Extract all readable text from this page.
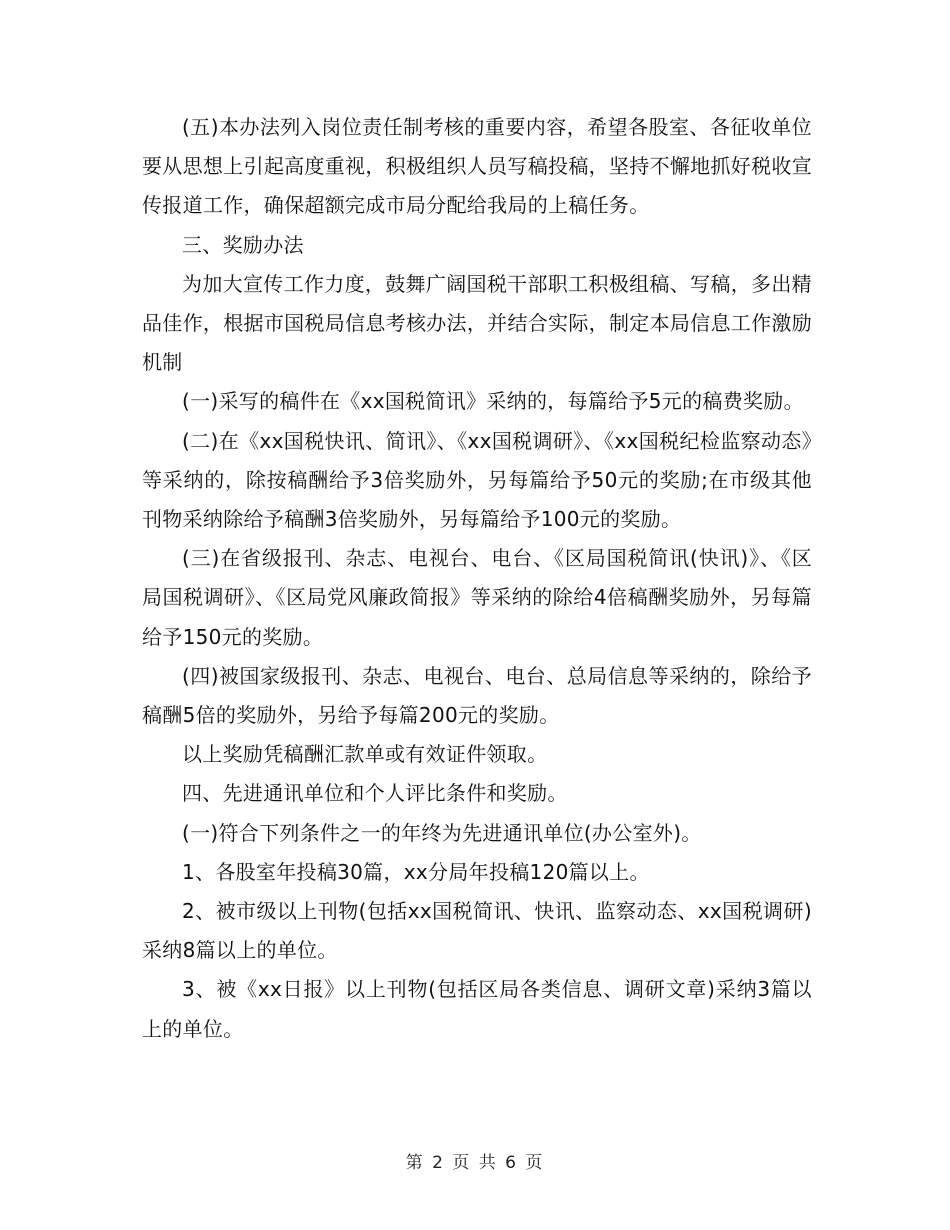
(五)本办法列入岗位责任制考核的重要内容，希望各股室、各征收单位要从思想上引起高度重视，积极组织人员写稿投稿，坚持不懈地抓好税收宣传报道工作，确保超额完成市局分配给我局的上稿任务。

三、奖励办法

为加大宣传工作力度，鼓舞广阔国税干部职工积极组稿、写稿，多出精品佳作，根据市国税局信息考核办法，并结合实际，制定本局信息工作激励机制

(一)采写的稿件在《xx国税简讯》采纳的，每篇给予5元的稿费奖励。

(二)在《xx国税快讯、简讯》、《xx国税调研》、《xx国税纪检监察动态》等采纳的，除按稿酬给予3倍奖励外，另每篇给予50元的奖励;在市级其他刊物采纳除给予稿酬3倍奖励外，另每篇给予100元的奖励。

(三)在省级报刊、杂志、电视台、电台、《区局国税简讯(快讯)》、《区局国税调研》、《区局党风廉政简报》等采纳的除给4倍稿酬奖励外，另每篇给予150元的奖励。

(四)被国家级报刊、杂志、电视台、电台、总局信息等采纳的，除给予稿酬5倍的奖励外，另给予每篇200元的奖励。

以上奖励凭稿酬汇款单或有效证件领取。

四、先进通讯单位和个人评比条件和奖励。

(一)符合下列条件之一的年终为先进通讯单位(办公室外)。

1、各股室年投稿30篇，xx分局年投稿120篇以上。

2、被市级以上刊物(包括xx国税简讯、快讯、监察动态、xx国税调研)采纳8篇以上的单位。

3、被《xx日报》以上刊物(包括区局各类信息、调研文章)采纳3篇以上的单位。

第 2 页 共 6 页
